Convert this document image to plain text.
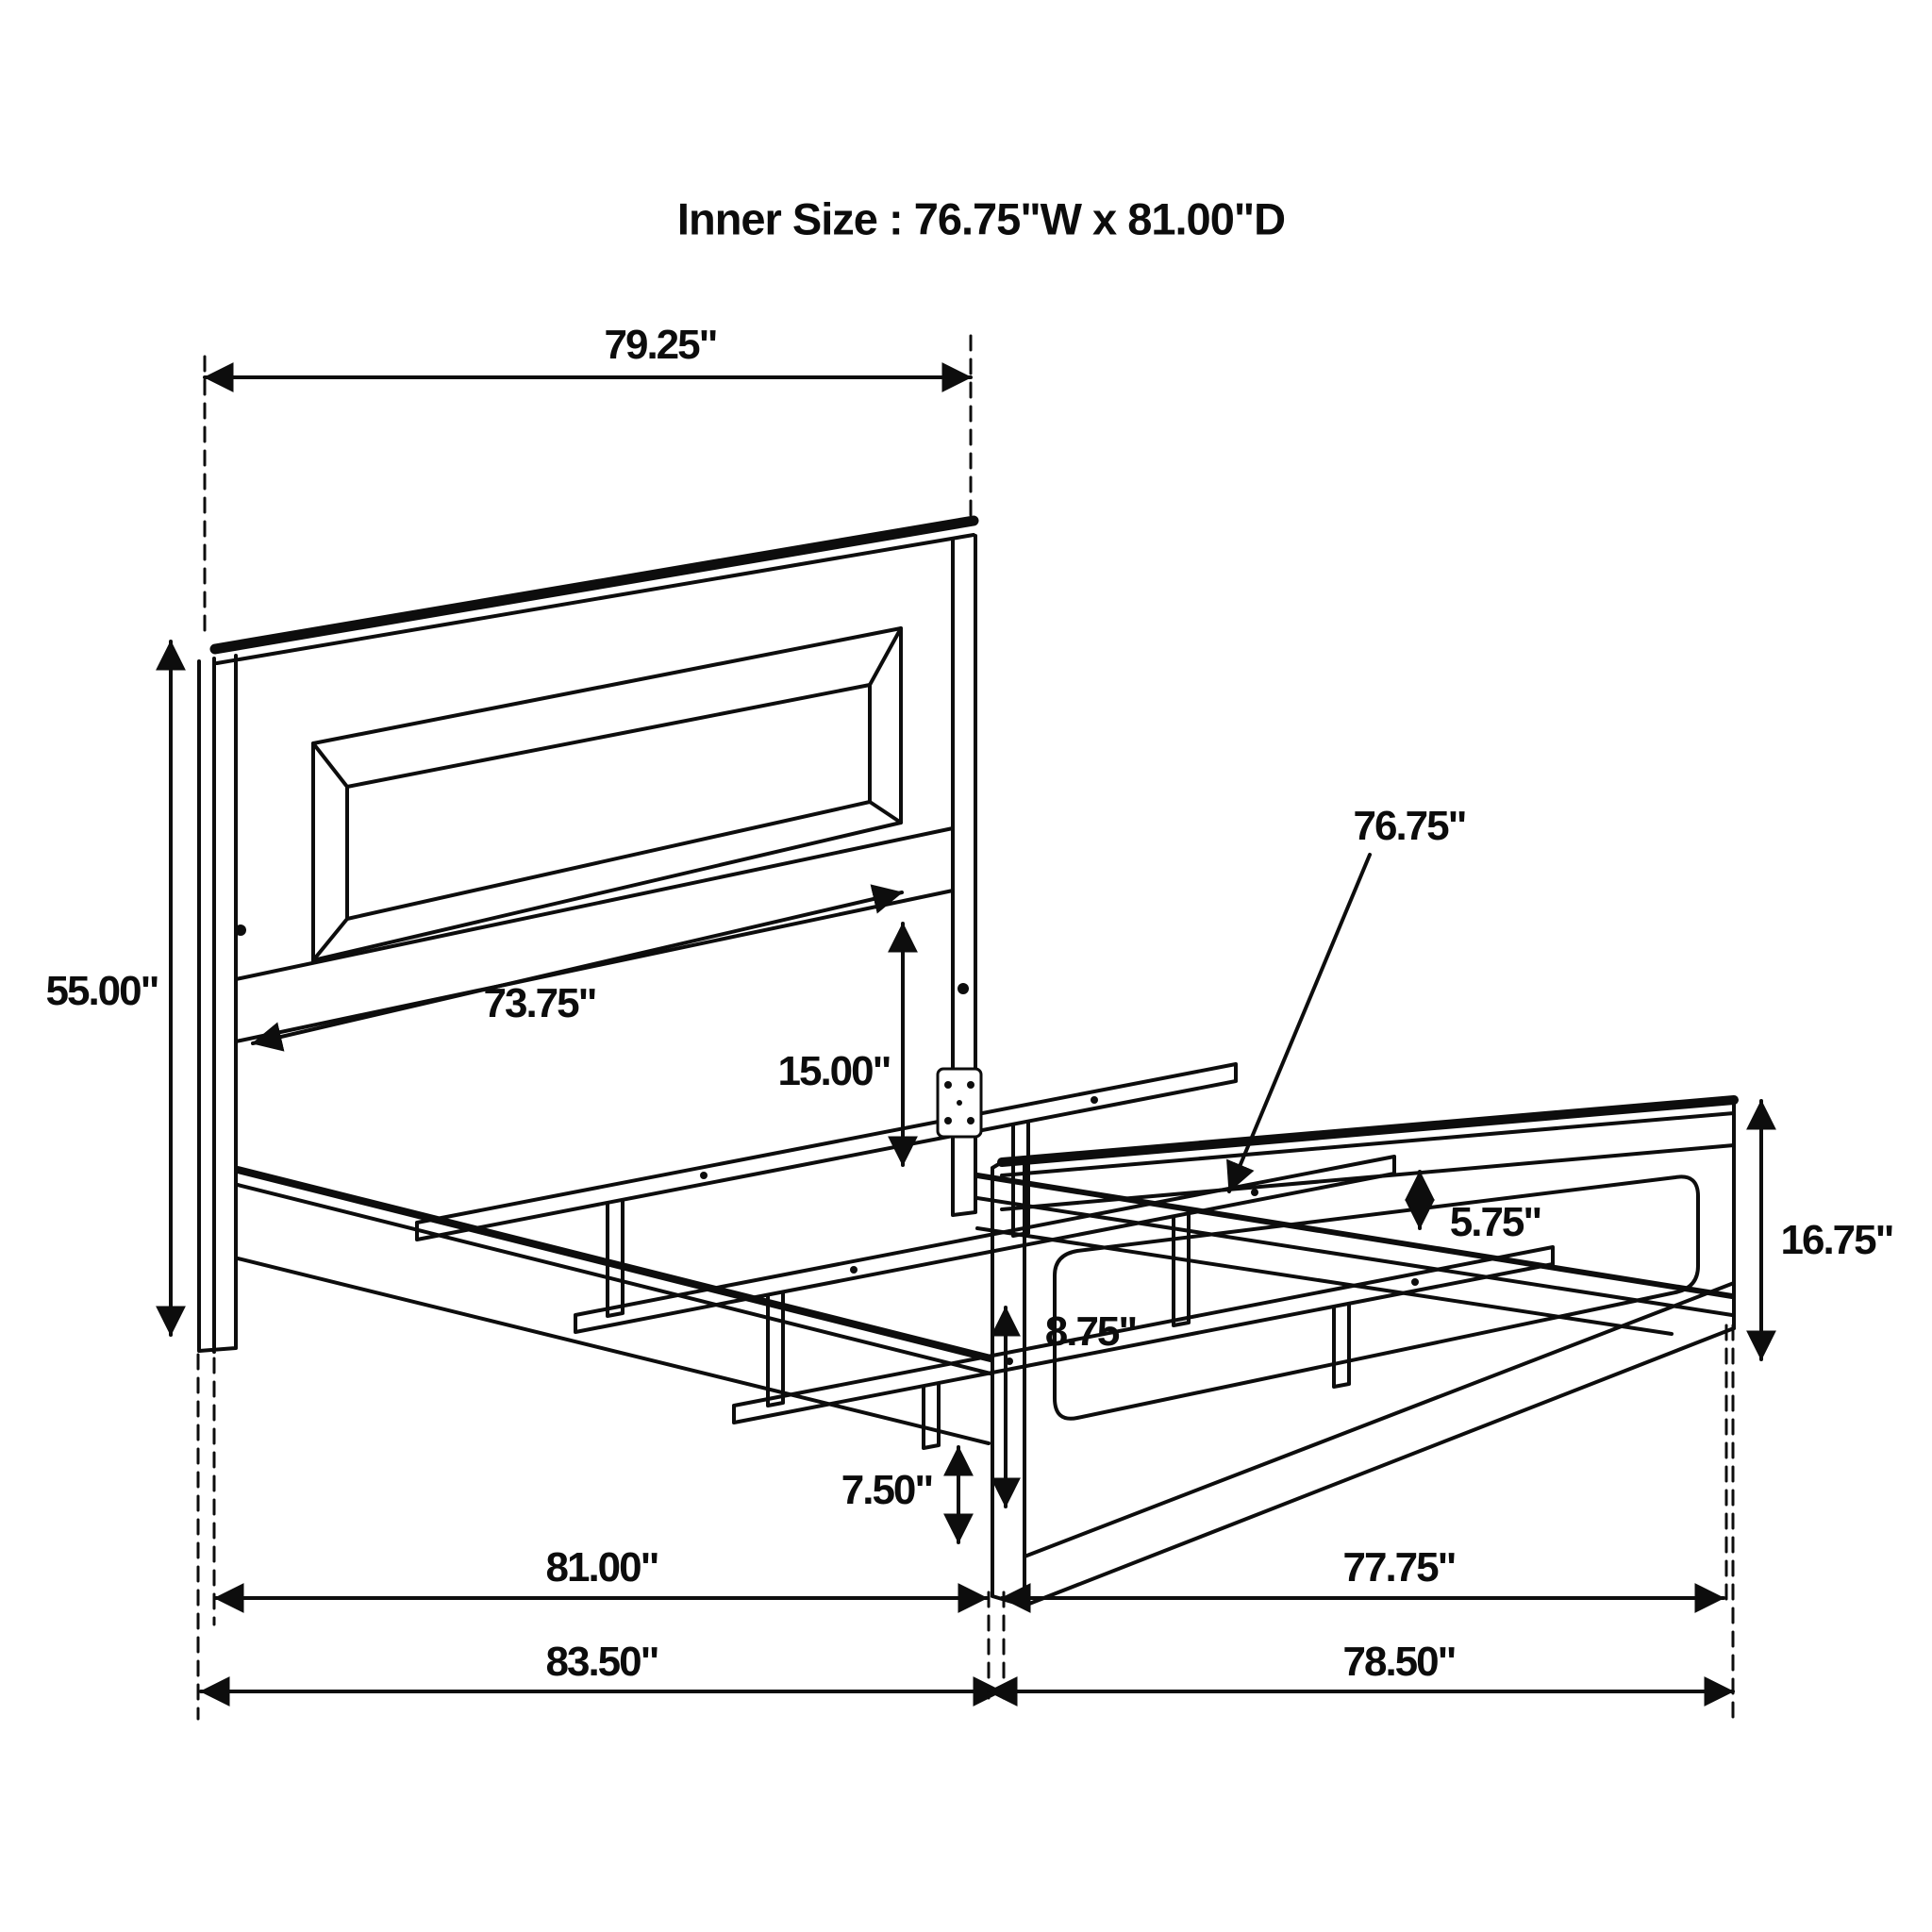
Inner Size : 76.75"W x 81.00"D
79.25"
55.00"	73.75"
15.00"
76.75"
5.75"
8.75"
16.75"
7.50"
81.00"	77.75"
83.50"	78.50"
